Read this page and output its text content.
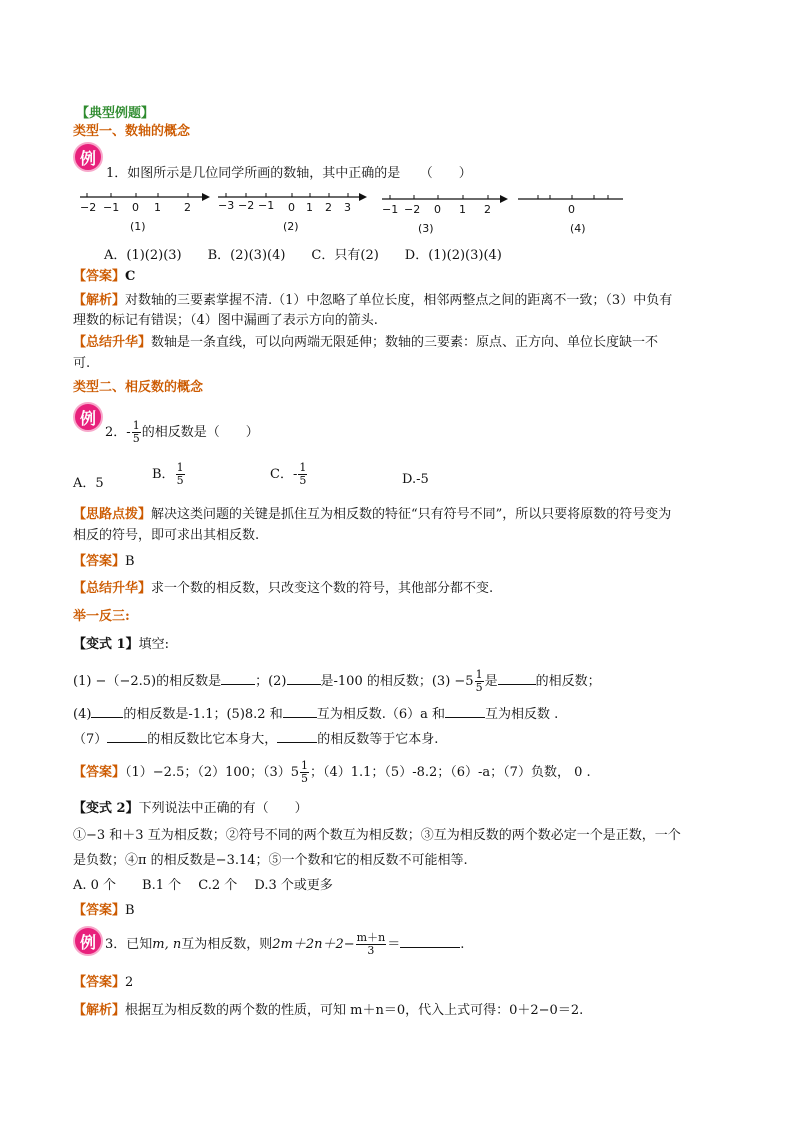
【典型例题】
类型一、数轴的概念
例
1．如图所示是几位同学所画的数轴，其中正确的是　　（　　）
−2 −1 0 1 2
(1)
−3 −2 −1 0 1 2 3
(2)
−1 −2 0 1 2
(3)
0
(4)
A．(1)(2)(3)　　B．(2)(3)(4)　　C．只有(2)　　D．(1)(2)(3)(4)
【答案】C
【解析】对数轴的三要素掌握不清.（1）中忽略了单位长度，相邻两整点之间的距离不一致；（3）中负有
理数的标记有错误；（4）图中漏画了表示方向的箭头.
【总结升华】数轴是一条直线，可以向两端无限延伸；数轴的三要素：原点、正方向、单位长度缺一不
可.
类型二、相反数的概念
例
2．- $\frac{1}{5}$ 的相反数是（　　）
A．5
B． $\frac{1}{5}$	C．- $\frac{1}{5}$	D.-5
【思路点拨】解决这类问题的关键是抓住互为相反数的特征“只有符号不同”，所以只要将原数的符号变为
相反的符号，即可求出其相反数.
【答案】B
【总结升华】求一个数的相反数，只改变这个数的符号，其他部分都不变.
举一反三:
【变式 1】填空:
(1) −（−2.5)的相反数是	；(2)	是-100 的相反数；$(3) -5 \frac{1}{5}$ 是	的相反数；
(4) 的相反数是-1.1；(5)8.2 和	互为相反数.（6）a 和	互为相反数 .
（7）	的相反数比它本身大，	的相反数等于它本身.
【答案】（1）−2.5；（2）100；$(3)5 \frac{1}{5}$ ；（4）1.1；（5）-8.2；（6）-a；（7）负数， 0 .
【变式 2】下列说法中正确的有（　　）
①−3 和＋3 互为相反数；②符号不同的两个数互为相反数；③互为相反数的两个数必定一个是正数，一个
是负数；④π 的相反数是−3.14；⑤一个数和它的相反数不可能相等.
A. 0 个　　B.1 个　 C.2 个　 D.3 个或更多
【答案】B
例 3．已知m, n互为相反数，则$2m+2n+2- \frac{m+n}{3}$ ＝	.
【答案】2
【解析】根据互为相反数的两个数的性质，可知 m＋n＝0，代入上式可得：0＋2−0＝2.
